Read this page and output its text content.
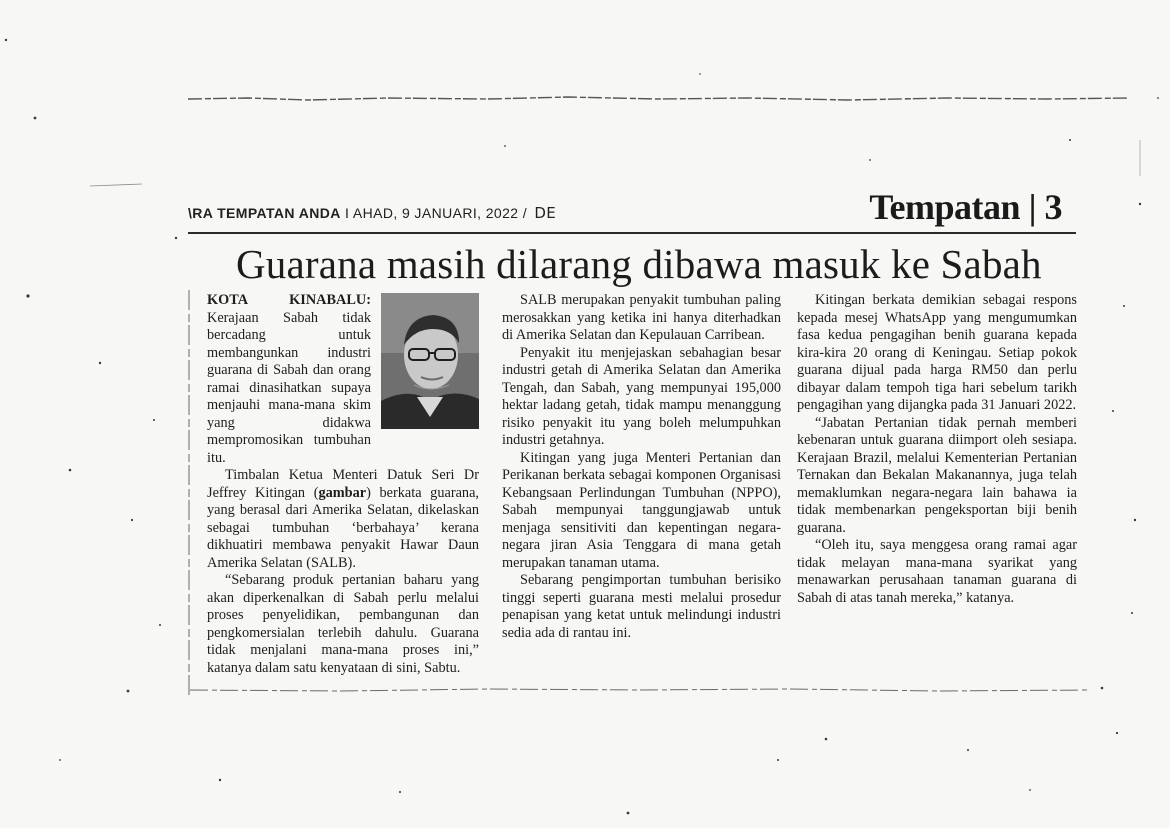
\RA TEMPATAN ANDA I AHAD, 9 JANUARI, 2022 / DE	Tempatan | 3
Guarana masih dilarang dibawa masuk ke Sabah

KOTA KINABALU: Kerajaan Sabah tidak bercadang untuk membangunkan industri guarana di Sabah dan orang ramai dinasihatkan supaya menjauhi mana-mana skim yang didakwa mempromosikan tumbuhan itu.

Timbalan Ketua Menteri Datuk Seri Dr Jeffrey Kitingan (gambar) berkata guarana, yang berasal dari Amerika Selatan, dikelaskan sebagai tumbuhan ‘berbahaya’ kerana dikhuatiri membawa penyakit Hawar Daun Amerika Selatan (SALB).

“Sebarang produk pertanian baharu yang akan diperkenalkan di Sabah perlu melalui proses penyelidikan, pembangunan dan pengkomersialan terlebih dahulu. Guarana tidak menjalani mana-mana proses ini,” katanya dalam satu kenyataan di sini, Sabtu.

SALB merupakan penyakit tumbuhan paling merosakkan yang ketika ini hanya diterhadkan di Amerika Selatan dan Kepulauan Carribean.

Penyakit itu menjejaskan sebahagian besar industri getah di Amerika Selatan dan Amerika Tengah, dan Sabah, yang mempunyai 195,000 hektar ladang getah, tidak mampu menanggung risiko penyakit itu yang boleh melumpuhkan industri getahnya.

Kitingan yang juga Menteri Pertanian dan Perikanan berkata sebagai komponen Organisasi Kebangsaan Perlindungan Tumbuhan (NPPO), Sabah mempunyai tanggungjawab untuk menjaga sensitiviti dan kepentingan negara-negara jiran Asia Tenggara di mana getah merupakan tanaman utama.

Sebarang pengimportan tumbuhan berisiko tinggi seperti guarana mesti melalui prosedur penapisan yang ketat untuk melindungi industri sedia ada di rantau ini.

Kitingan berkata demikian sebagai respons kepada mesej WhatsApp yang mengumumkan fasa kedua pengagihan benih guarana kepada kira-kira 20 orang di Keningau. Setiap pokok guarana dijual pada harga RM50 dan perlu dibayar dalam tempoh tiga hari sebelum tarikh pengagihan yang dijangka pada 31 Januari 2022.

“Jabatan Pertanian tidak pernah memberi kebenaran untuk guarana diimport oleh sesiapa. Kerajaan Brazil, melalui Kementerian Pertanian Ternakan dan Bekalan Makanannya, juga telah memaklumkan negara-negara lain bahawa ia tidak membenarkan pengeksportan biji benih guarana.

“Oleh itu, saya menggesa orang ramai agar tidak melayan mana-mana syarikat yang menawarkan perusahaan tanaman guarana di Sabah di atas tanah mereka,” katanya.
